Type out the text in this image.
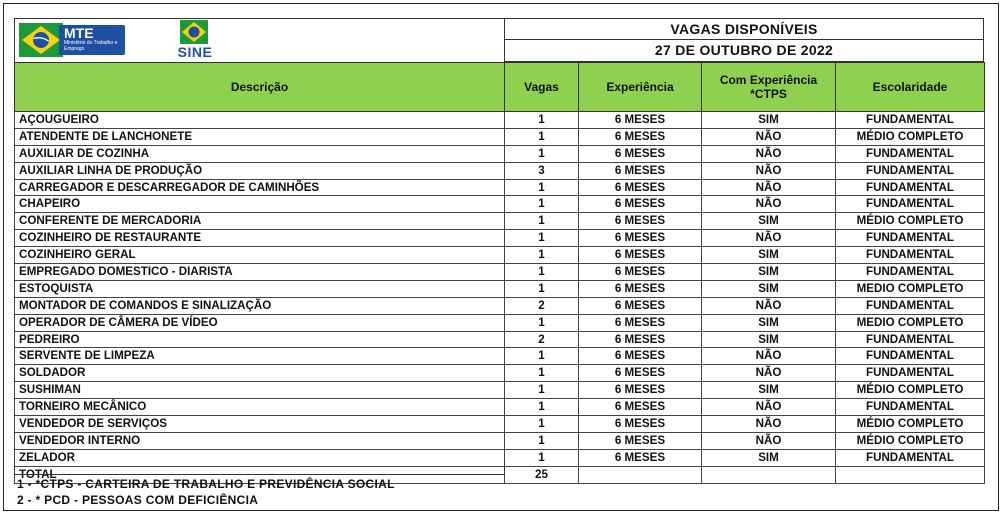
MTE
Ministério do Trabalho e Emprego	SINE
VAGAS DISPONÍVEIS
27 DE OUTUBRO DE 2022
Descrição	Vagas	Experiência	Com Experiência *CTPS	Escolaridade
AÇOUGUEIRO	1	6 MESES	SIM	FUNDAMENTAL
ATENDENTE DE LANCHONETE	1	6 MESES	NÃO	MÉDIO COMPLETO
AUXILIAR DE COZINHA	1	6 MESES	NÃO	FUNDAMENTAL
AUXILIAR LINHA DE PRODUÇÃO	3	6 MESES	NÃO	FUNDAMENTAL
CARREGADOR E DESCARREGADOR DE CAMINHÕES	1	6 MESES	NÃO	FUNDAMENTAL
CHAPEIRO	1	6 MESES	NÃO	FUNDAMENTAL
CONFERENTE DE MERCADORIA	1	6 MESES	SIM	MÉDIO COMPLETO
COZINHEIRO DE RESTAURANTE	1	6 MESES	NÃO	FUNDAMENTAL
COZINHEIRO GERAL	1	6 MESES	SIM	FUNDAMENTAL
EMPREGADO DOMESTICO - DIARISTA	1	6 MESES	SIM	FUNDAMENTAL
ESTOQUISTA	1	6 MESES	SIM	MEDIO COMPLETO
MONTADOR DE COMANDOS E SINALIZAÇÃO	2	6 MESES	NÃO	FUNDAMENTAL
OPERADOR DE CÂMERA DE VÍDEO	1	6 MESES	SIM	MEDIO COMPLETO
PEDREIRO	2	6 MESES	SIM	FUNDAMENTAL
SERVENTE DE LIMPEZA	1	6 MESES	NÃO	FUNDAMENTAL
SOLDADOR	1	6 MESES	NÃO	FUNDAMENTAL
SUSHIMAN	1	6 MESES	SIM	MÉDIO COMPLETO
TORNEIRO MECÂNICO	1	6 MESES	NÃO	FUNDAMENTAL
VENDEDOR DE SERVIÇOS	1	6 MESES	NÃO	MÉDIO COMPLETO
VENDEDOR INTERNO	1	6 MESES	NÃO	MÉDIO COMPLETO
ZELADOR	1	6 MESES	SIM	FUNDAMENTAL
TOTAL	25			
1 - *CTPS - CARTEIRA DE TRABALHO E PREVIDÊNCIA SOCIAL
2 - * PCD - PESSOAS COM DEFICIÊNCIA
